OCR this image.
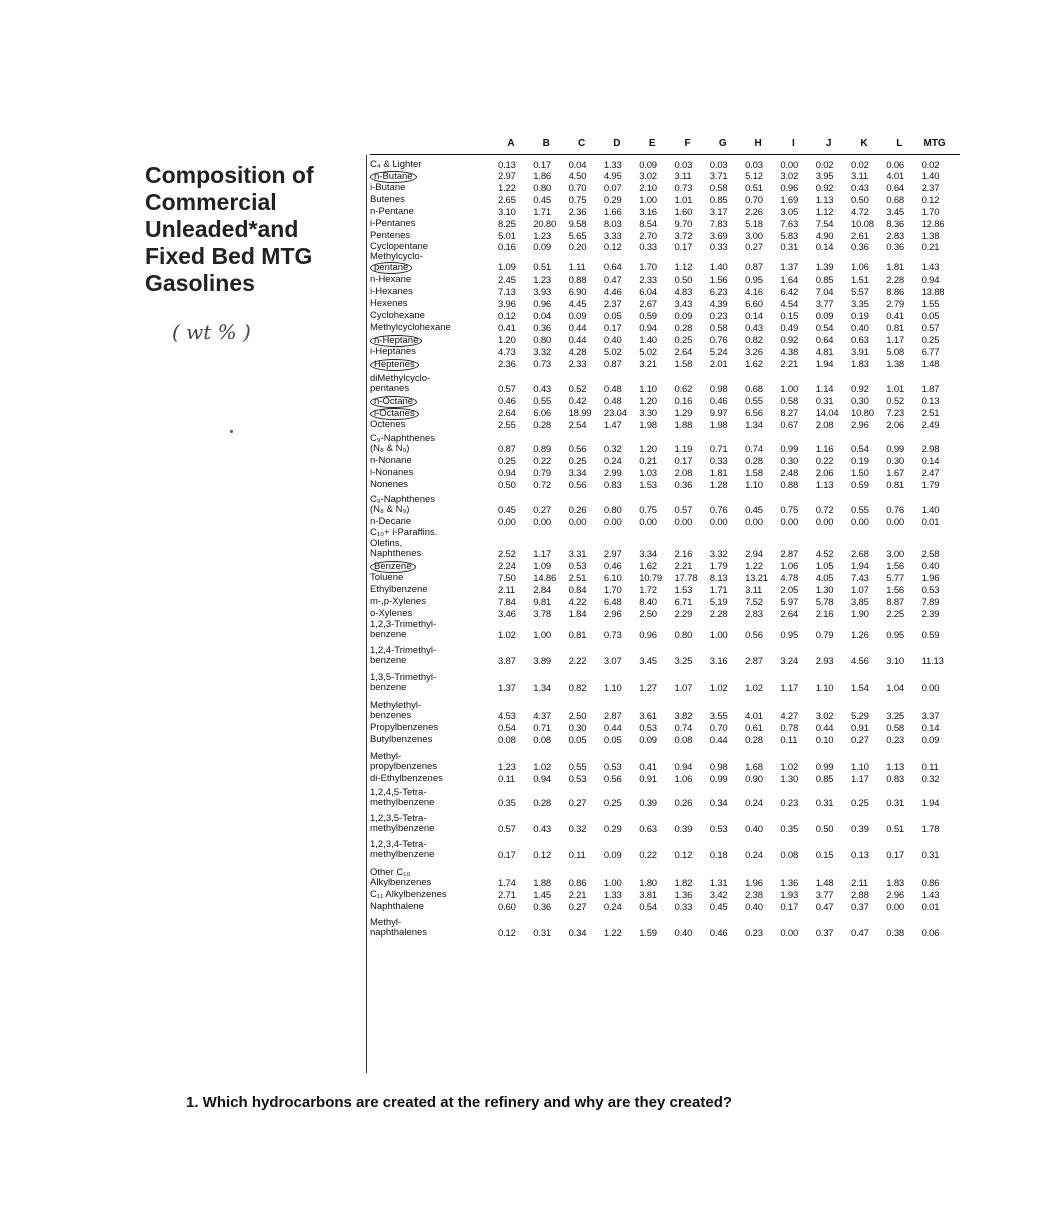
Composition of
Commercial
Unleaded*and
Fixed Bed MTG
Gasolines
( wt % )
A	B	C	D	E	F	G	H	I	J	K	L	MTG
C₄ & Lighter	0.13	0.17	0.04	1.33	0.09	0.03	0.03	0.03	0.00	0.02	0.02	0.06	0.02
n-Butane	2.97	1.86	4.50	4.95	3.02	3.11	3.71	5.12	3.02	3.95	3.11	4.01	1.40
i-Butane	1.22	0.80	0.70	0.07	2.10	0.73	0.58	0.51	0.96	0.92	0.43	0.64	2.37
Butenes	2.65	0.45	0.75	0.29	1.00	1.01	0.85	0.70	1.69	1.13	0.50	0.68	0.12
n-Pentane	3.10	1.71	2.36	1.66	3.16	1.60	3.17	2.26	3.05	1.12	4.72	3.45	1.70
i-Pentanes	8.25	20.80	9.58	8.03	8.54	9.70	7.83	5.18	7.63	7.54	10.08	8.36	12.86
Pentenes	5.01	1.23	5.65	3.33	2.70	3.72	3.69	3.00	5.83	4.90	2.61	2.83	1.38
Cyclopentane	0.16	0.09	0.20	0.12	0.33	0.17	0.33	0.27	0.31	0.14	0.36	0.36	0.21
Methylcyclo-
pentane	1.09	0.51	1.11	0.64	1.70	1.12	1.40	0.87	1.37	1.39	1.06	1.81	1.43
n-Hexane	2.45	1.23	0.88	0.47	2.33	0.50	1.56	0.95	1.64	0.85	1.51	2.28	0.94
i-Hexanes	7.13	3.93	6.90	4.46	6.04	4.83	6.23	4.16	6.42	7.04	5.57	8.86	13.88
Hexenes	3.96	0.96	4.45	2.37	2.67	3.43	4.39	6.60	4.54	3.77	3.35	2.79	1.55
Cyclohexane	0.12	0.04	0.09	0.05	0.59	0.09	0.23	0.14	0.15	0.09	0.19	0.41	0.05
Methylcyclohexane	0.41	0.36	0.44	0.17	0.94	0.28	0.58	0.43	0.49	0.54	0.40	0.81	0.57
n-Heptane	1.20	0.80	0.44	0.40	1.40	0.25	0.76	0.82	0.92	0.64	0.63	1.17	0.25
i-Heptanes	4.73	3.32	4.28	5.02	5.02	2.64	5.24	3.26	4.38	4.81	3.91	5.08	6.77
Heptenes	2.36	0.73	2.33	0.87	3.21	1.58	2.01	1.62	2.21	1.94	1.83	1.38	1.48
diMethylcyclo-
pentanes	0.57	0.43	0.52	0.48	1.10	0.62	0.98	0.68	1.00	1.14	0.92	1.01	1.87
n-Octane	0.46	0.55	0.42	0.48	1.20	0.16	0.46	0.55	0.58	0.31	0.30	0.52	0.13
i-Octanes	2.64	6.06	18.99	23.04	3.30	1.29	9.97	6.56	8.27	14.04	10.80	7.23	2.51
Octenes	2.55	0.28	2.54	1.47	1.98	1.88	1.98	1.34	0.67	2.08	2.96	2.06	2.49
C₉-Naphthenes
(N₈ & N₉)	0.87	0.89	0.56	0.32	1.20	1.19	0.71	0.74	0.99	1.16	0.54	0.99	2.98
n-Nonane	0.25	0.22	0.25	0.24	0.21	0.17	0.33	0.28	0.30	0.22	0.19	0.30	0.14
i-Nonanes	0.94	0.79	3.34	2.99	1.03	2.08	1.81	1.58	2.48	2.06	1.50	1.67	2.47
Nonenes	0.50	0.72	0.56	0.83	1.53	0.36	1.28	1.10	0.88	1.13	0.59	0.81	1.79
C₉-Naphthenes
(N₈ & N₉)	0.45	0.27	0.26	0.80	0.75	0.57	0.76	0.45	0.75	0.72	0.55	0.76	1.40
n-Decane	0.00	0.00	0.00	0.00	0.00	0.00	0.00	0.00	0.00	0.00	0.00	0.00	0.01
C₁₀+ i-Paraffins.
Olefins,
Naphthenes	2.52	1.17	3.31	2.97	3.34	2.16	3.32	2.94	2.87	4.52	2.68	3.00	2.58
Benzene	2.24	1.09	0.53	0.46	1.62	2.21	1.79	1.22	1.06	1.05	1.94	1.56	0.40
Toluene	7.50	14.86	2.51	6.10	10.79	17.78	8.13	13.21	4.78	4.05	7.43	5.77	1.96
Ethylbenzene	2.11	2.84	0.84	1.70	1.72	1.53	1.71	3.11	2.05	1.30	1.07	1.56	0.53
m-,p-Xylenes	7.84	9.81	4.22	6.48	8.40	6.71	5.19	7.52	5.97	5.78	3.85	8.87	7.89
o-Xylenes	3.46	3.78	1.84	2.96	2.50	2.29	2.28	2.83	2.64	2.16	1.90	2.25	2.39
1,2,3-Trimethyl-
benzene	1.02	1.00	0.81	0.73	0.96	0.80	1.00	0.56	0.95	0.79	1.26	0.95	0.59
1,2,4-Trimethyl-
benzene	3.87	3.89	2.22	3.07	3.45	3.25	3.16	2.87	3.24	2.93	4.56	3.10	11.13
1,3,5-Trimethyl-
benzene	1.37	1.34	0.82	1.10	1.27	1.07	1.02	1.02	1.17	1.10	1.54	1.04	0.00
Methylethyl-
benzenes	4.53	4.37	2.50	2.87	3.61	3.82	3.55	4.01	4.27	3.02	5.29	3.25	3.37
Propylbenzenes	0.54	0.71	0.30	0.44	0.53	0.74	0.70	0.61	0.78	0.44	0.91	0.58	0.14
Butylbenzenes	0.08	0.08	0.05	0.05	0.09	0.08	0.44	0.28	0.11	0.10	0.27	0.23	0.09
Methyl-
propylbenzenes	1.23	1.02	0.55	0.53	0.41	0.94	0.98	1.68	1.02	0.99	1.10	1.13	0.11
di-Ethylbenzenes	0.11	0.94	0.53	0.56	0.91	1.06	0.99	0.90	1.30	0.85	1.17	0.83	0.32
1,2,4,5-Tetra-
methylbenzene	0.35	0.28	0.27	0.25	0.39	0.26	0.34	0.24	0.23	0.31	0.25	0.31	1.94
1,2,3,5-Tetra-
methylbenzene	0.57	0.43	0.32	0.29	0.63	0.39	0.53	0.40	0.35	0.50	0.39	0.51	1.78
1,2,3,4-Tetra-
methylbenzene	0.17	0.12	0.11	0.09	0.22	0.12	0.18	0.24	0.08	0.15	0.13	0.17	0.31
Other C₁₀
Alkylbenzenes	1.74	1.88	0.86	1.00	1.80	1.82	1.31	1.96	1.36	1.48	2.11	1.83	0.86
C₁₁ Alkylbenzenes	2.71	1.45	2.21	1.33	3.81	1.36	3.42	2.38	1.93	3.77	2.88	2.96	1.43
Naphthalene	0.60	0.36	0.27	0.24	0.54	0.33	0.45	0.40	0.17	0.47	0.37	0.00	0.01
Methyl-
naphthalenes	0.12	0.31	0.34	1.22	1.59	0.40	0.46	0.23	0.00	0.37	0.47	0.38	0.06
1. Which hydrocarbons are created at the refinery and why are they created?
